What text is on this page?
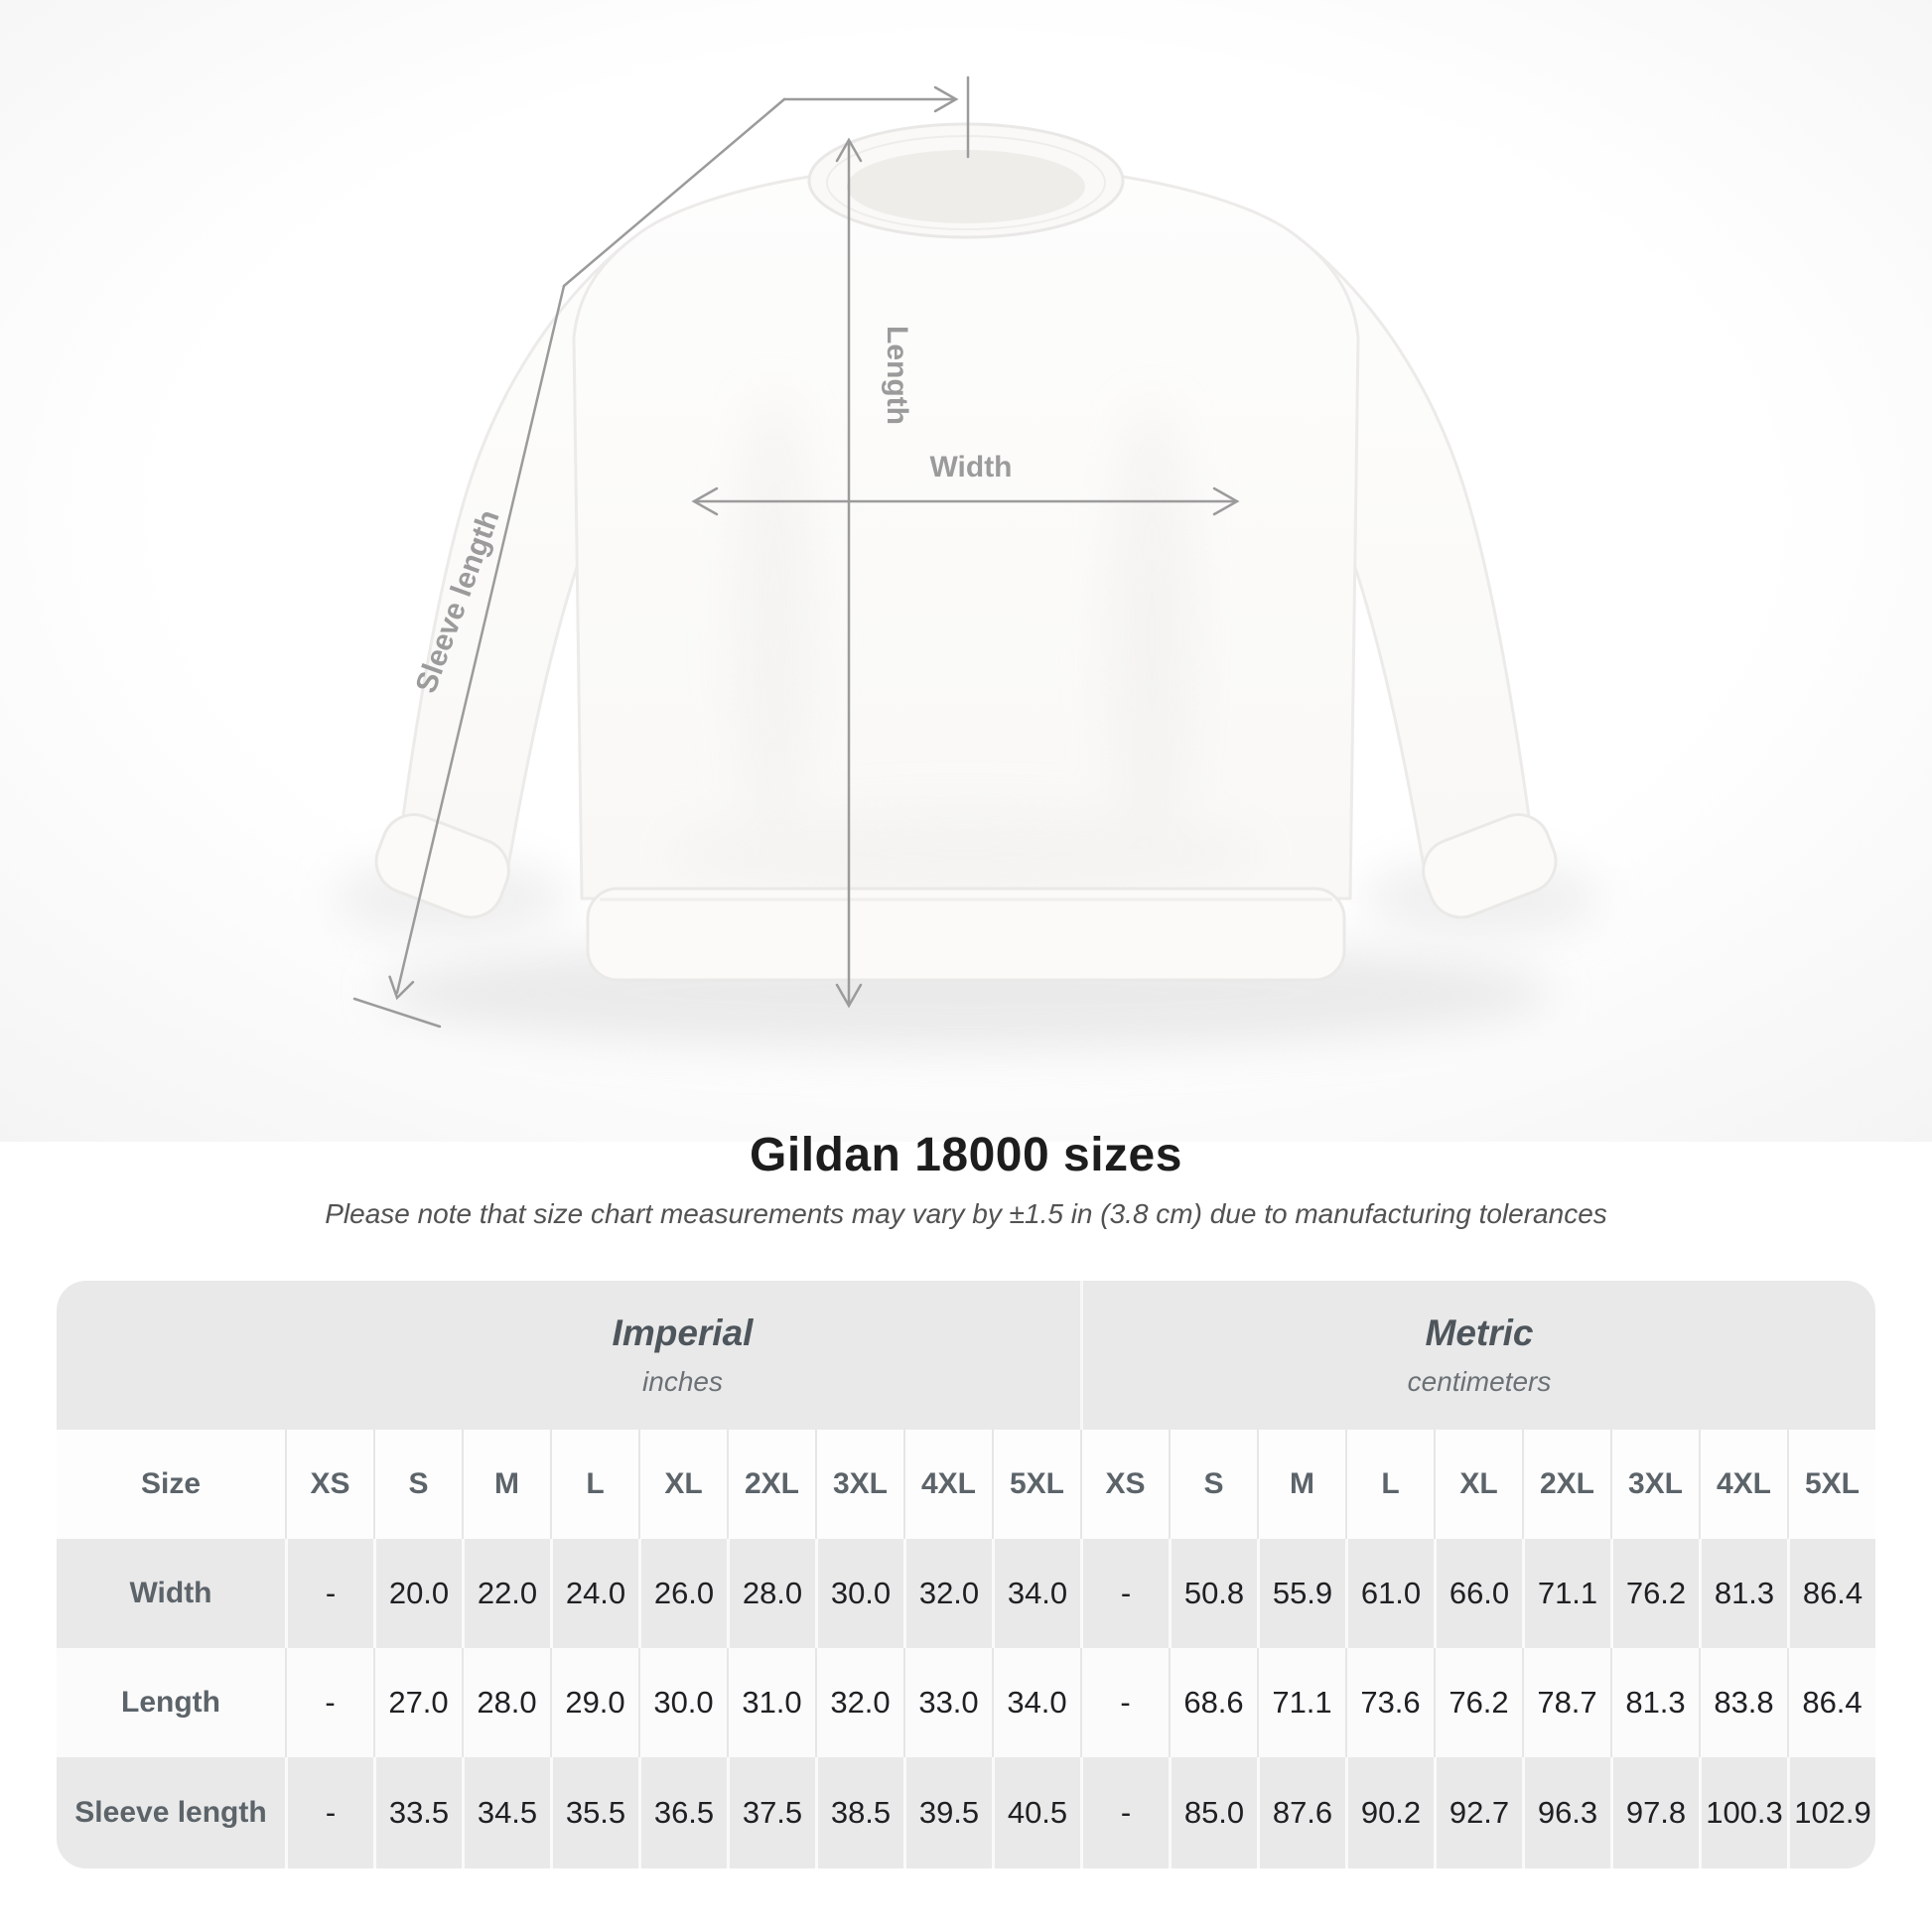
Length
Width
Sleeve length
Gildan 18000 sizes
Please note that size chart measurements may vary by ±1.5 in (3.8 cm) due to manufacturing tolerances
Imperial
inches
Metric
centimeters
Size	XS	S	M	L	XL	2XL	3XL	4XL	5XL	XS	S	M	L	XL	2XL	3XL	4XL	5XL
Width	-	20.0 22.0 24.0 26.0 28.0 30.0 32.0 34.0	-	50.8 55.9 61.0 66.0 71.1 76.2 81.3 86.4
Length	-	27.0 28.0 29.0 30.0 31.0 32.0 33.0 34.0	-	68.6 71.1 73.6 76.2 78.7 81.3 83.8 86.4
Sleeve length	-	33.5 34.5 35.5 36.5 37.5 38.5 39.5 40.5	-	85.0 87.6 90.2 92.7 96.3 97.8 100.3 102.9
